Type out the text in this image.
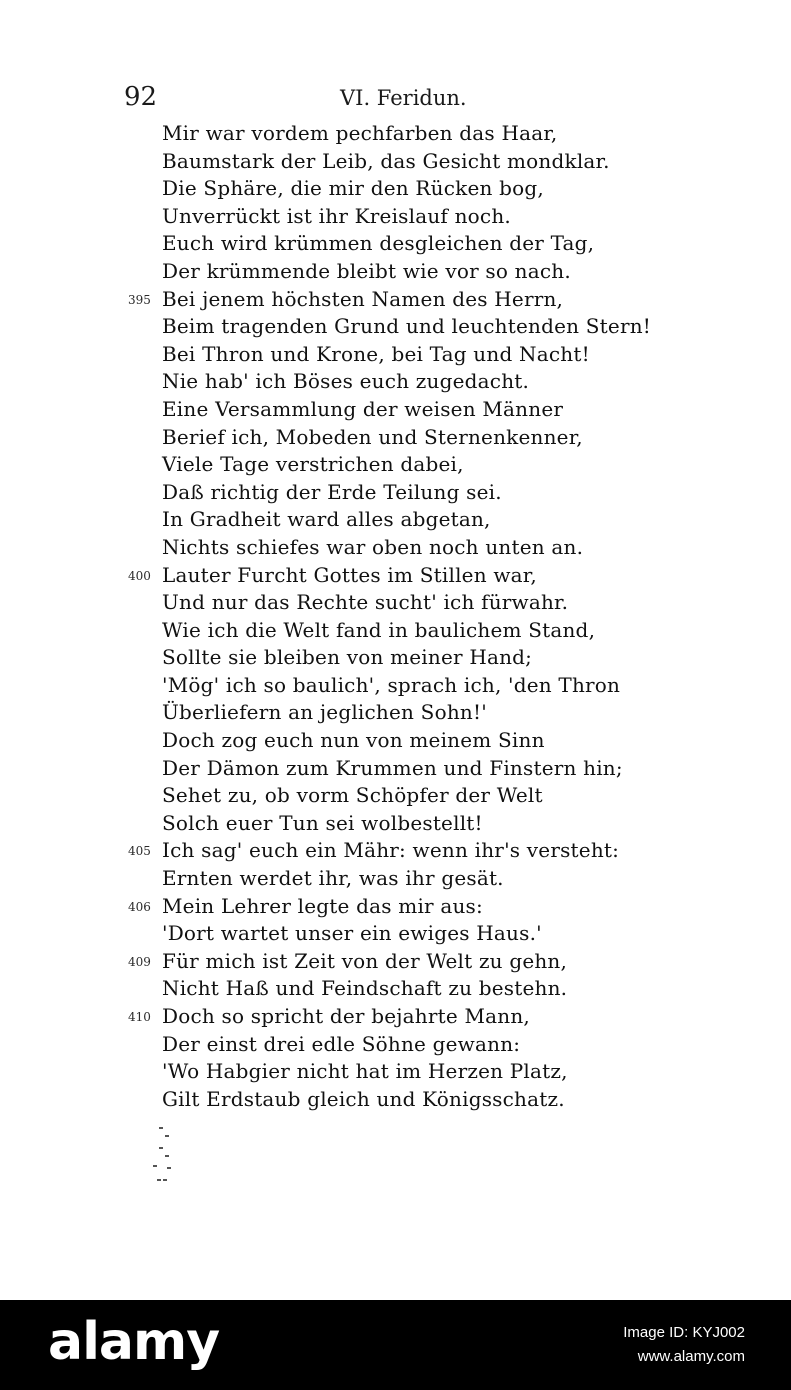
92	VI. Feridun.
Mir war vordem pechfarben das Haar,
Baumstark der Leib, das Gesicht mondklar.
Die Sphäre, die mir den Rücken bog,
Unverrückt ist ihr Kreislauf noch.
Euch wird krümmen desgleichen der Tag,
Der krümmende bleibt wie vor so nach.
395 Bei jenem höchsten Namen des Herrn,
Beim tragenden Grund und leuchtenden Stern!
Bei Thron und Krone, bei Tag und Nacht!
Nie hab' ich Böses euch zugedacht.
Eine Versammlung der weisen Männer
Berief ich, Mobeden und Sternenkenner,
Viele Tage verstrichen dabei,
Daß richtig der Erde Teilung sei.
In Gradheit ward alles abgetan,
Nichts schiefes war oben noch unten an.
400 Lauter Furcht Gottes im Stillen war,
Und nur das Rechte sucht' ich fürwahr.
Wie ich die Welt fand in baulichem Stand,
Sollte sie bleiben von meiner Hand;
'Mög' ich so baulich', sprach ich, 'den Thron
Überliefern an jeglichen Sohn!'
Doch zog euch nun von meinem Sinn
Der Dämon zum Krummen und Finstern hin;
Sehet zu, ob vorm Schöpfer der Welt
Solch euer Tun sei wolbestellt!
405 Ich sag' euch ein Mähr: wenn ihr's versteht:
Ernten werdet ihr, was ihr gesät.
406 Mein Lehrer legte das mir aus:
'Dort wartet unser ein ewiges Haus.'
409 Für mich ist Zeit von der Welt zu gehn,
Nicht Haß und Feindschaft zu bestehn.
410 Doch so spricht der bejahrte Mann,
Der einst drei edle Söhne gewann:
'Wo Habgier nicht hat im Herzen Platz,
Gilt Erdstaub gleich und Königsschatz.
alamy	Image ID: KYJ002
www.alamy.com
